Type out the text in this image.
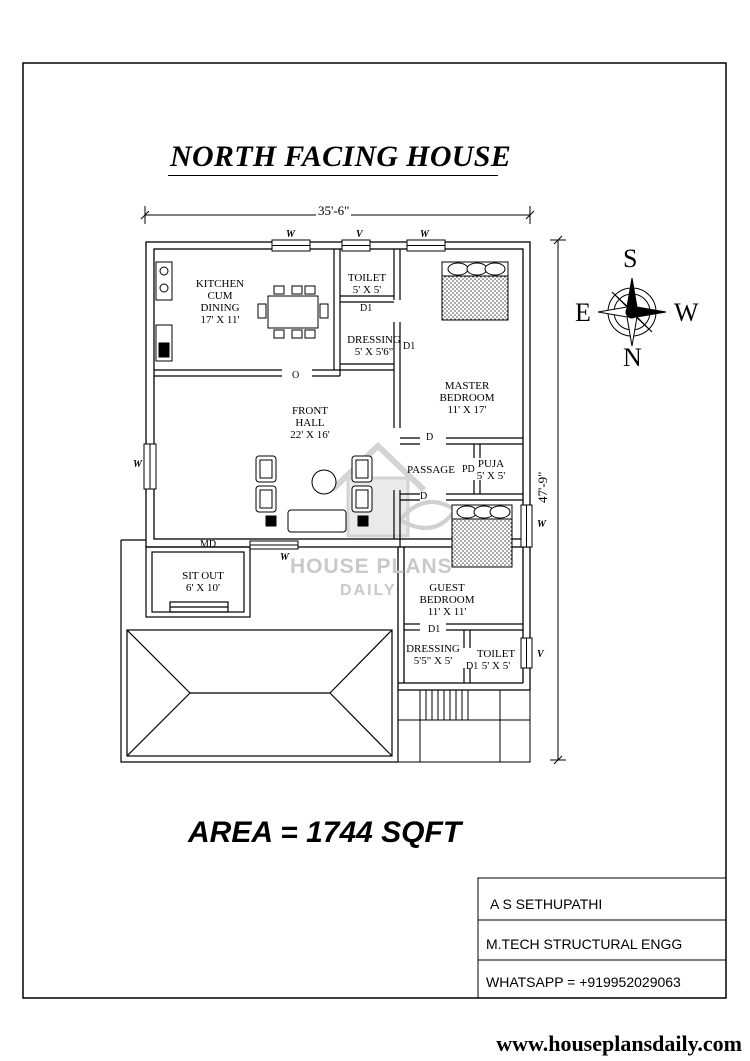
NORTH FACING HOUSE
35'-6"
47'-9"
W	V	W
W
W
V
W
O
D1
D1
D
D
PD
MD
D1
D1
KITCHEN
CUM
DINING
17' X 11'
TOILET
5' X 5'
DRESSING
5' X 5'6"
MASTER
BEDROOM
11' X 17'
FRONT
HALL
22' X 16'
PASSAGE	PUJA
5' X 5'
SIT OUT
6' X 10'	GUEST
BEDROOM
11' X 11'
DRESSING
5'5" X 5'
TOILET
5' X 5'
HOUSE PLANS
DAILY
S
N
E	W
AREA = 1744 SQFT
A S SETHUPATHI
M.TECH STRUCTURAL ENGG
WHATSAPP = +919952029063
www.houseplansdaily.com
